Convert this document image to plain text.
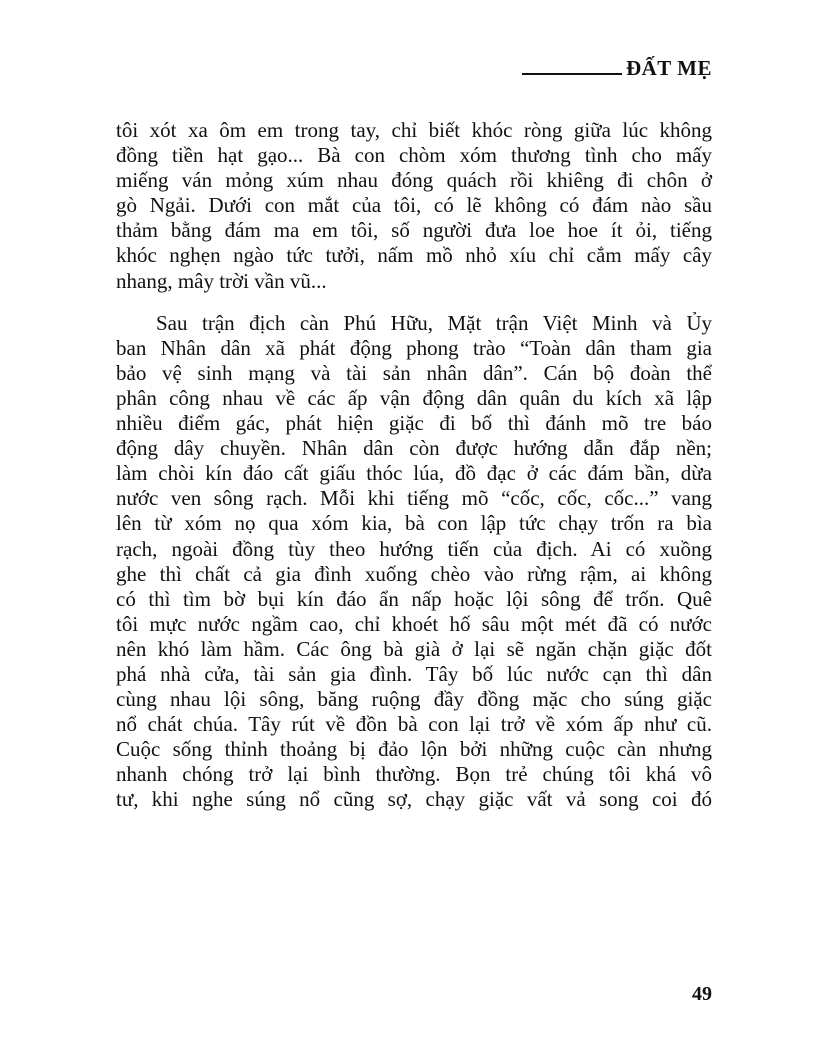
ĐẤT MẸ
tôi xót xa ôm em trong tay, chỉ biết khóc ròng giữa lúc không
đồng tiền hạt gạo... Bà con chòm xóm thương tình cho mấy
miếng ván mỏng xúm nhau đóng quách rồi khiêng đi chôn ở
gò Ngải. Dưới con mắt của tôi, có lẽ không có đám nào sầu
thảm bằng đám ma em tôi, số người đưa loe hoe ít ỏi, tiếng
khóc nghẹn ngào tức tưởi, nấm mồ nhỏ xíu chỉ cắm mấy cây
nhang, mây trời vần vũ...
Sau trận địch càn Phú Hữu, Mặt trận Việt Minh và Ủy
ban Nhân dân xã phát động phong trào “Toàn dân tham gia
bảo vệ sinh mạng và tài sản nhân dân”. Cán bộ đoàn thể
phân công nhau về các ấp vận động dân quân du kích xã lập
nhiều điểm gác, phát hiện giặc đi bố thì đánh mõ tre báo
động dây chuyền. Nhân dân còn được hướng dẫn đắp nền;
làm chòi kín đáo cất giấu thóc lúa, đồ đạc ở các đám bần, dừa
nước ven sông rạch. Mỗi khi tiếng mõ “cốc, cốc, cốc...” vang
lên từ xóm nọ qua xóm kia, bà con lập tức chạy trốn ra bìa
rạch, ngoài đồng tùy theo hướng tiến của địch. Ai có xuồng
ghe thì chất cả gia đình xuống chèo vào rừng rậm, ai không
có thì tìm bờ bụi kín đáo ẩn nấp hoặc lội sông để trốn. Quê
tôi mực nước ngầm cao, chỉ khoét hố sâu một mét đã có nước
nên khó làm hầm. Các ông bà già ở lại sẽ ngăn chặn giặc đốt
phá nhà cửa, tài sản gia đình. Tây bố lúc nước cạn thì dân
cùng nhau lội sông, băng ruộng đầy đồng mặc cho súng giặc
nổ chát chúa. Tây rút về đồn bà con lại trở về xóm ấp như cũ.
Cuộc sống thỉnh thoảng bị đảo lộn bởi những cuộc càn nhưng
nhanh chóng trở lại bình thường. Bọn trẻ chúng tôi khá vô
tư, khi nghe súng nổ cũng sợ, chạy giặc vất vả song coi đó
49
